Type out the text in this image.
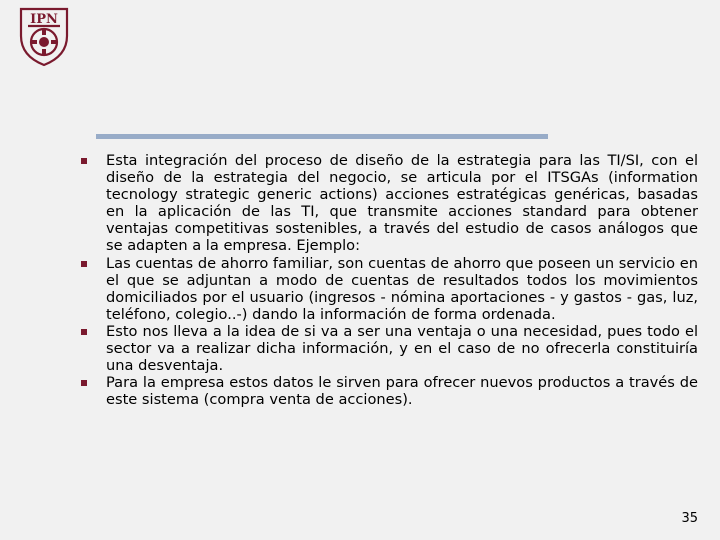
IPN
Esta integración del proceso de diseño de la estrategia para las TI/SI, con el diseño de la estrategia del negocio, se articula por el ITSGAs (information tecnology strategic generic actions) acciones estratégicas genéricas, basadas en la aplicación de las TI, que transmite acciones standard para obtener ventajas competitivas sostenibles, a través del estudio de casos análogos que se adapten a la empresa. Ejemplo:
Las cuentas de ahorro familiar, son cuentas de ahorro que poseen un servicio en el que se adjuntan a modo de cuentas de resultados todos los movimientos domiciliados por el usuario (ingresos - nómina aportaciones - y gastos - gas, luz, teléfono, colegio..-) dando la información de forma ordenada.
Esto nos lleva a la idea de si va a ser una ventaja o una necesidad, pues todo el sector va a realizar dicha información, y en el caso de no ofrecerla constituiría una desventaja.
Para la empresa estos datos le sirven para ofrecer nuevos productos a través de este sistema (compra venta de acciones).
35
